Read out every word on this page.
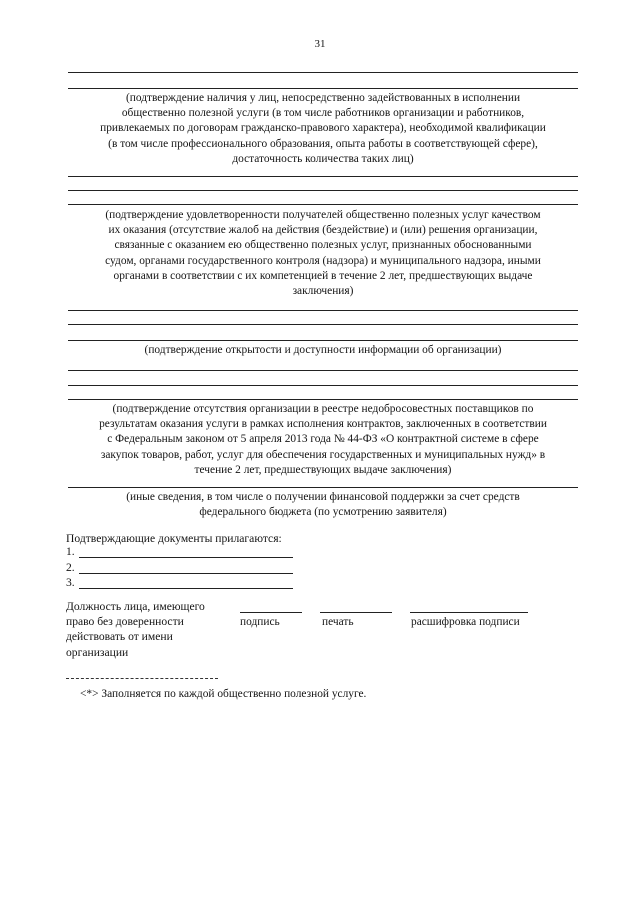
31
(подтверждение наличия у лиц, непосредственно задействованных в исполнении
общественно полезной услуги (в том числе работников организации и работников,
привлекаемых по договорам гражданско-правового характера), необходимой квалификации
(в том числе профессионального образования, опыта работы в соответствующей сфере),
достаточность количества таких лиц)
(подтверждение удовлетворенности получателей общественно полезных услуг качеством
их оказания (отсутствие жалоб на действия (бездействие) и (или) решения организации,
связанные с оказанием ею общественно полезных услуг, признанных обоснованными
судом, органами государственного контроля (надзора) и муниципального надзора, иными
органами в соответствии с их компетенцией в течение 2 лет, предшествующих выдаче
заключения)
(подтверждение открытости и доступности информации об организации)
(подтверждение отсутствия организации в реестре недобросовестных поставщиков по
результатам оказания услуги в рамках исполнения контрактов, заключенных в соответствии
с Федеральным законом от 5 апреля 2013 года № 44-ФЗ «О контрактной системе в сфере
закупок товаров, работ, услуг для обеспечения государственных и муниципальных нужд» в
течение 2 лет, предшествующих выдаче заключения)
(иные сведения, в том числе о получении финансовой поддержки за счет средств
федерального бюджета (по усмотрению заявителя)
Подтверждающие документы прилагаются:
1.
2.
3.
Должность лица, имеющего
право без доверенности
действовать от имени
организации
подпись	печать	расшифровка подписи
<*> Заполняется по каждой общественно полезной услуге.
